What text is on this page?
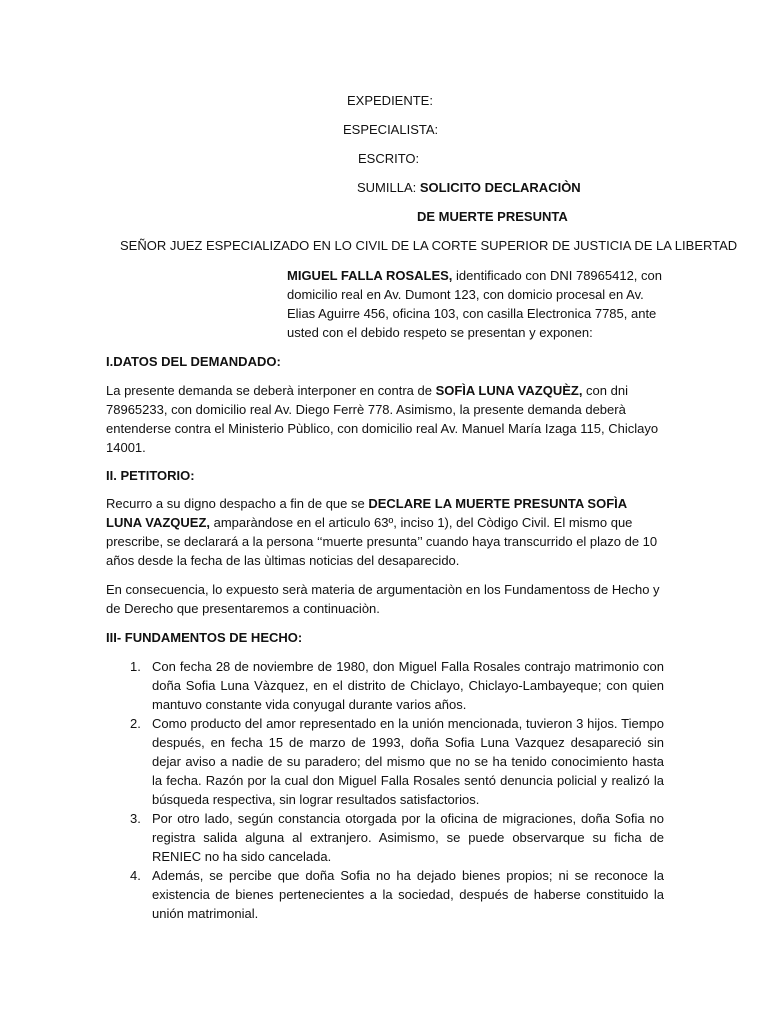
EXPEDIENTE:
ESPECIALISTA:
ESCRITO:
SUMILLA: SOLICITO DECLARACIÒN
DE MUERTE PRESUNTA
SEÑOR JUEZ ESPECIALIZADO EN LO CIVIL DE LA CORTE SUPERIOR DE JUSTICIA DE LA LIBERTAD
MIGUEL FALLA ROSALES, identificado con DNI 78965412, con
domicilio real en Av. Dumont 123, con domicio procesal en Av.
Elias Aguirre 456, oficina 103, con casilla Electronica 7785, ante
usted con el debido respeto se presentan y exponen:
I.DATOS DEL DEMANDADO:
La presente demanda se deberà interponer en contra de SOFÌA LUNA VAZQUÈZ, con dni 78965233, con domicilio real Av. Diego Ferrè 778. Asimismo, la presente demanda deberà entenderse contra el Ministerio Pùblico, con domicilio real Av. Manuel María Izaga 115, Chiclayo 14001.
II. PETITORIO:
Recurro a su digno despacho a fin de que se DECLARE LA MUERTE PRESUNTA SOFÌA LUNA VAZQUEZ, amparàndose en el articulo 63º, inciso 1), del Còdigo Civil. El mismo que prescribe, se declarará a la persona ‘‘muerte presunta’’ cuando haya transcurrido el plazo de 10 años desde la fecha de las ùltimas noticias del desaparecido.
En consecuencia, lo expuesto serà materia de argumentaciòn en los Fundamentoss de Hecho y de Derecho que presentaremos a continuaciòn.
III- FUNDAMENTOS DE HECHO:
1. Con fecha 28 de noviembre de 1980, don Miguel Falla Rosales contrajo matrimonio con doña Sofia Luna Vàzquez, en el distrito de Chiclayo, Chiclayo-Lambayeque; con quien mantuvo constante vida conyugal durante varios años.
2. Como producto del amor representado en la unión mencionada, tuvieron 3 hijos. Tiempo después, en fecha 15 de marzo de 1993, doña Sofia Luna Vazquez desapareció sin dejar aviso a nadie de su paradero; del mismo que no se ha tenido conocimiento hasta la fecha. Razón por la cual don Miguel Falla Rosales sentó denuncia policial y realizó la búsqueda respectiva, sin lograr resultados satisfactorios.
3. Por otro lado, según constancia otorgada por la oficina de migraciones, doña Sofia no registra salida alguna al extranjero. Asimismo, se puede observarque su ficha de RENIEC no ha sido cancelada.
4. Además, se percibe que doña Sofia no ha dejado bienes propios; ni se reconoce la existencia de bienes pertenecientes a la sociedad, después de haberse constituido la unión matrimonial.
